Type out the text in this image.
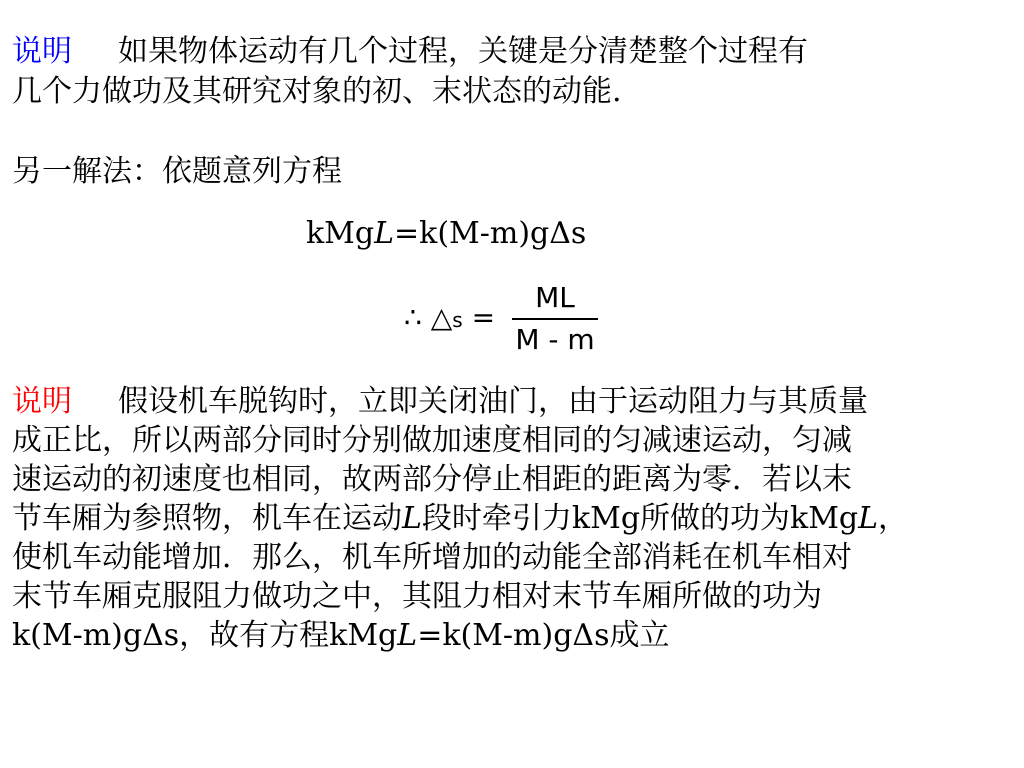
说明 如果物体运动有几个过程，关键是分清楚整个过程有
几个力做功及其研究对象的初、末状态的动能.
另一解法：依题意列方程
kMgL=k(M-m)gΔs
∴ △s =
ML
M - m
说明 假设机车脱钩时，立即关闭油门，由于运动阻力与其质量
成正比，所以两部分同时分别做加速度相同的匀减速运动，匀减
速运动的初速度也相同，故两部分停止相距的距离为零．若以末
节车厢为参照物，机车在运动L段时牵引力kMg所做的功为kMgL，
使机车动能增加．那么，机车所增加的动能全部消耗在机车相对
末节车厢克服阻力做功之中，其阻力相对末节车厢所做的功为
k(M-m)gΔs，故有方程kMgL=k(M-m)gΔs成立
